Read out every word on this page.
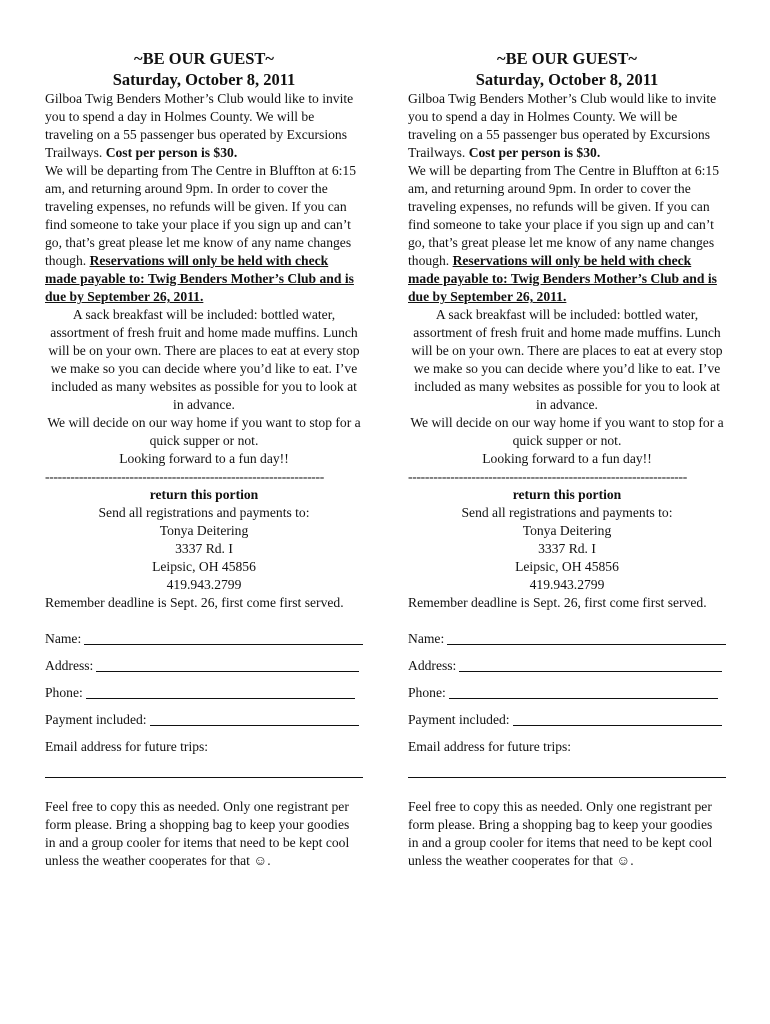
~BE OUR GUEST~
Saturday, October 8, 2011

Gilboa Twig Benders Mother’s Club would like to invite you to spend a day in Holmes County. We will be traveling on a 55 passenger bus operated by Excursions Trailways. Cost per person is $30.

We will be departing from The Centre in Bluffton at 6:15 am, and returning around 9pm. In order to cover the traveling expenses, no refunds will be given. If you can find someone to take your place if you sign up and can’t go, that’s great please let me know of any name changes though. Reservations will only be held with check made payable to: Twig Benders Mother’s Club and is due by September 26, 2011.

A sack breakfast will be included: bottled water, assortment of fresh fruit and home made muffins. Lunch will be on your own. There are places to eat at every stop we make so you can decide where you’d like to eat. I’ve included as many websites as possible for you to look at in advance.

We will decide on our way home if you want to stop for a quick supper or not.

Looking forward to a fun day!!

------------------------------------------------------------------
return this portion
Send all registrations and payments to:
Tonya Deitering
3337 Rd. I
Leipsic, OH 45856
419.943.2799

Remember deadline is Sept. 26, first come first served.

Name:
Address:
Phone:
Payment included:
Email address for future trips:

Feel free to copy this as needed. Only one registrant per form please. Bring a shopping bag to keep your goodies in and a group cooler for items that need to be kept cool unless the weather cooperates for that ☺.

~BE OUR GUEST~
Saturday, October 8, 2011

Gilboa Twig Benders Mother’s Club would like to invite you to spend a day in Holmes County. We will be traveling on a 55 passenger bus operated by Excursions Trailways. Cost per person is $30.

We will be departing from The Centre in Bluffton at 6:15 am, and returning around 9pm. In order to cover the traveling expenses, no refunds will be given. If you can find someone to take your place if you sign up and can’t go, that’s great please let me know of any name changes though. Reservations will only be held with check made payable to: Twig Benders Mother’s Club and is due by September 26, 2011.

A sack breakfast will be included: bottled water, assortment of fresh fruit and home made muffins. Lunch will be on your own. There are places to eat at every stop we make so you can decide where you’d like to eat. I’ve included as many websites as possible for you to look at in advance.

We will decide on our way home if you want to stop for a quick supper or not.

Looking forward to a fun day!!

------------------------------------------------------------------
return this portion
Send all registrations and payments to:
Tonya Deitering
3337 Rd. I
Leipsic, OH 45856
419.943.2799

Remember deadline is Sept. 26, first come first served.

Name:
Address:
Phone:
Payment included:
Email address for future trips:

Feel free to copy this as needed. Only one registrant per form please. Bring a shopping bag to keep your goodies in and a group cooler for items that need to be kept cool unless the weather cooperates for that ☺.
